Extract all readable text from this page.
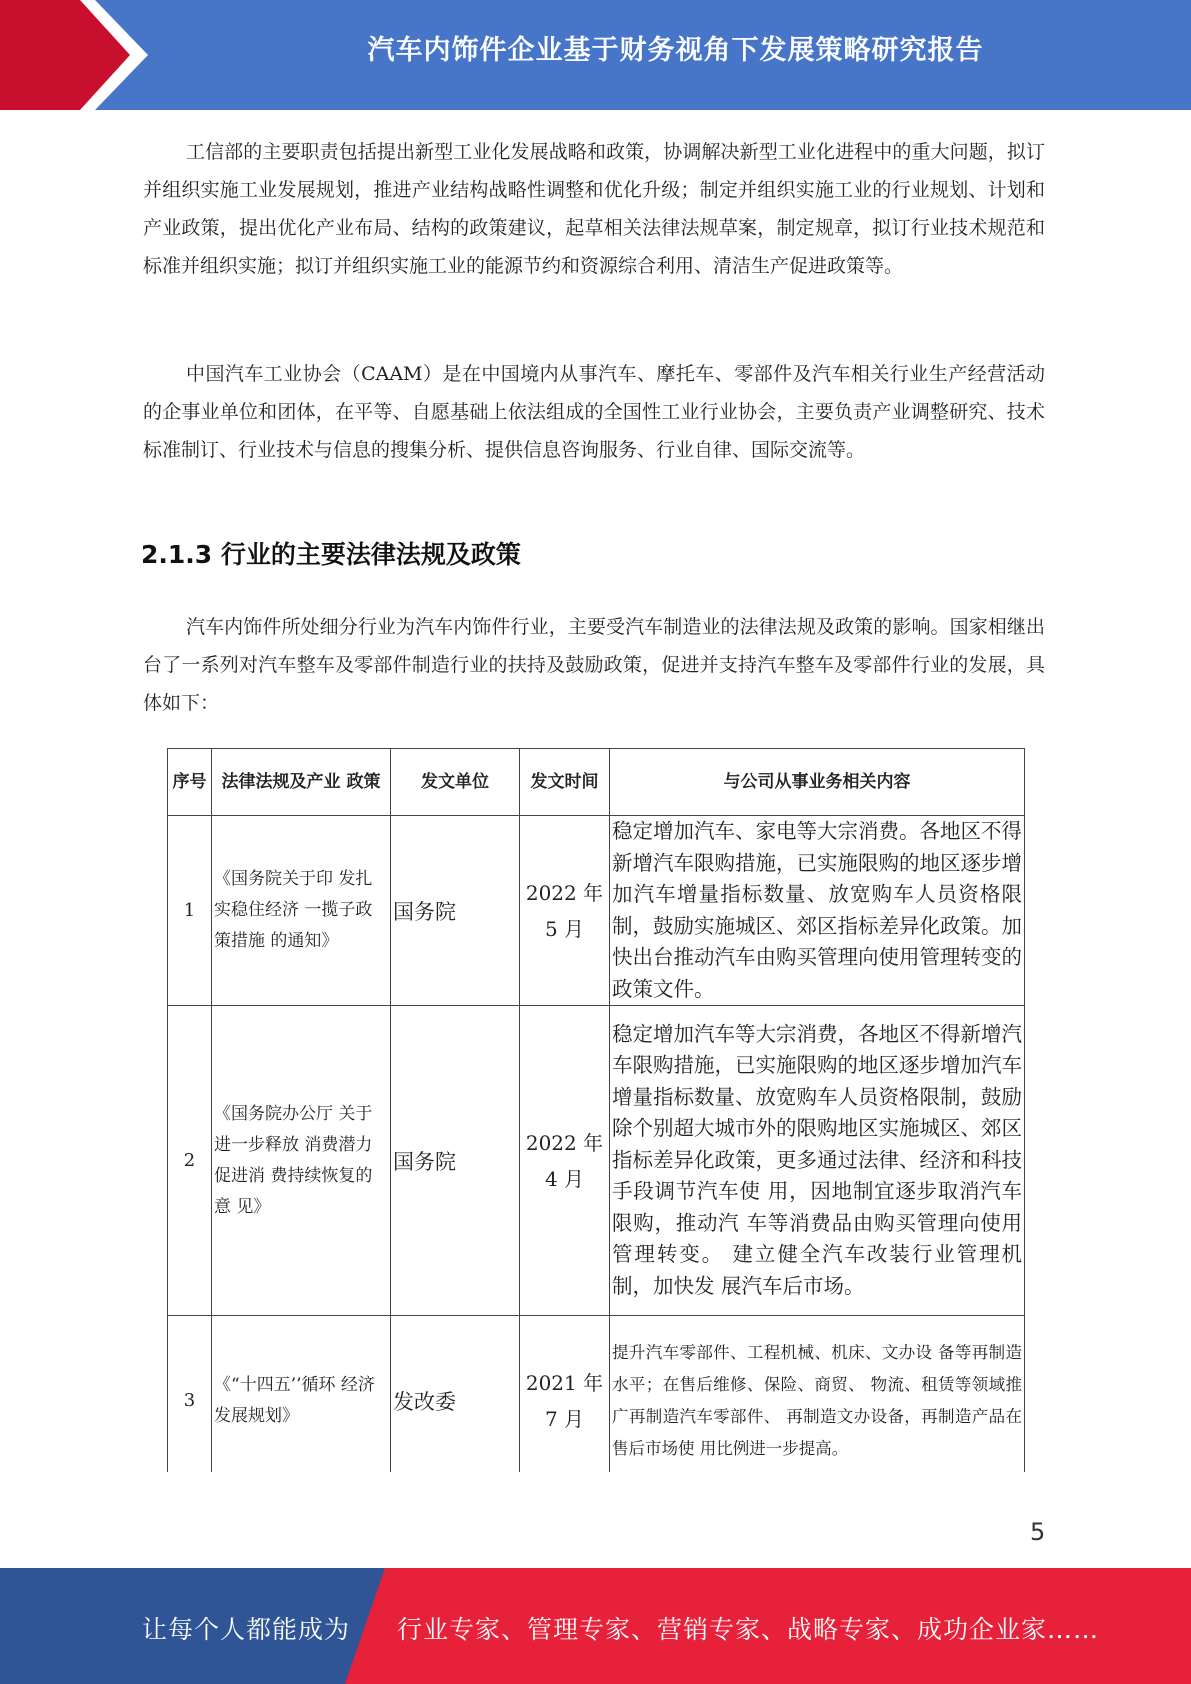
汽车内饰件企业基于财务视角下发展策略研究报告

工信部的主要职责包括提出新型工业化发展战略和政策，协调解决新型工业化进程中的重大问题，拟订并组织实施工业发展规划，推进产业结构战略性调整和优化升级；制定并组织实施工业的行业规划、计划和产业政策，提出优化产业布局、结构的政策建议，起草相关法律法规草案，制定规章，拟订行业技术规范和标准并组织实施；拟订并组织实施工业的能源节约和资源综合利用、清洁生产促进政策等。

中国汽车工业协会（CAAM）是在中国境内从事汽车、摩托车、零部件及汽车相关行业生产经营活动的企事业单位和团体，在平等、自愿基础上依法组成的全国性工业行业协会，主要负责产业调整研究、技术标准制订、行业技术与信息的搜集分析、提供信息咨询服务、行业自律、国际交流等。

2.1.3 行业的主要法律法规及政策

汽车内饰件所处细分行业为汽车内饰件行业，主要受汽车制造业的法律法规及政策的影响。国家相继出台了一系列对汽车整车及零部件制造行业的扶持及鼓励政策，促进并支持汽车整车及零部件行业的发展，具体如下：

序号	法律法规及产业 政策	发文单位	发文时间	与公司从事业务相关内容
1	《国务院关于印 发扎实稳住经济 一揽子政策措施 的通知》	国务院	2022 年 5 月	稳定增加汽车、家电等大宗消费。各地区不得新增汽车限购措施，已实施限购的地区逐步增加汽车增量指标数量、放宽购车人员资格限制，鼓励实施城区、郊区指标差异化政策。加快出台推动汽车由购买管理向使用管理转变的政策文件。
2	《国务院办公厅 关于进一步释放 消费潜力促进消 费持续恢复的意 见》	国务院	2022 年 4 月	稳定增加汽车等大宗消费，各地区不得新增汽车限购措施，已实施限购的地区逐步增加汽车增量指标数量、放宽购车人员资格限制，鼓励除个别超大城市外的限购地区实施城区、郊区指标差异化政策，更多通过法律、经济和科技手段调节汽车使 用，因地制宜逐步取消汽车限购，推动汽 车等消费品由购买管理向使用管理转变。 建立健全汽车改装行业管理机制，加快发 展汽车后市场。
3	《“十四五’’循环 经济发展规划》	发改委	2021 年 7 月	提升汽车零部件、工程机械、机床、文办设 备等再制造水平；在售后维修、保险、商贸、 物流、租赁等领域推广再制造汽车零部件、 再制造文办设备，再制造产品在售后市场使 用比例进一步提高。
5
让每个人都能成为 行业专家、管理专家、营销专家、战略专家、成功企业家……
